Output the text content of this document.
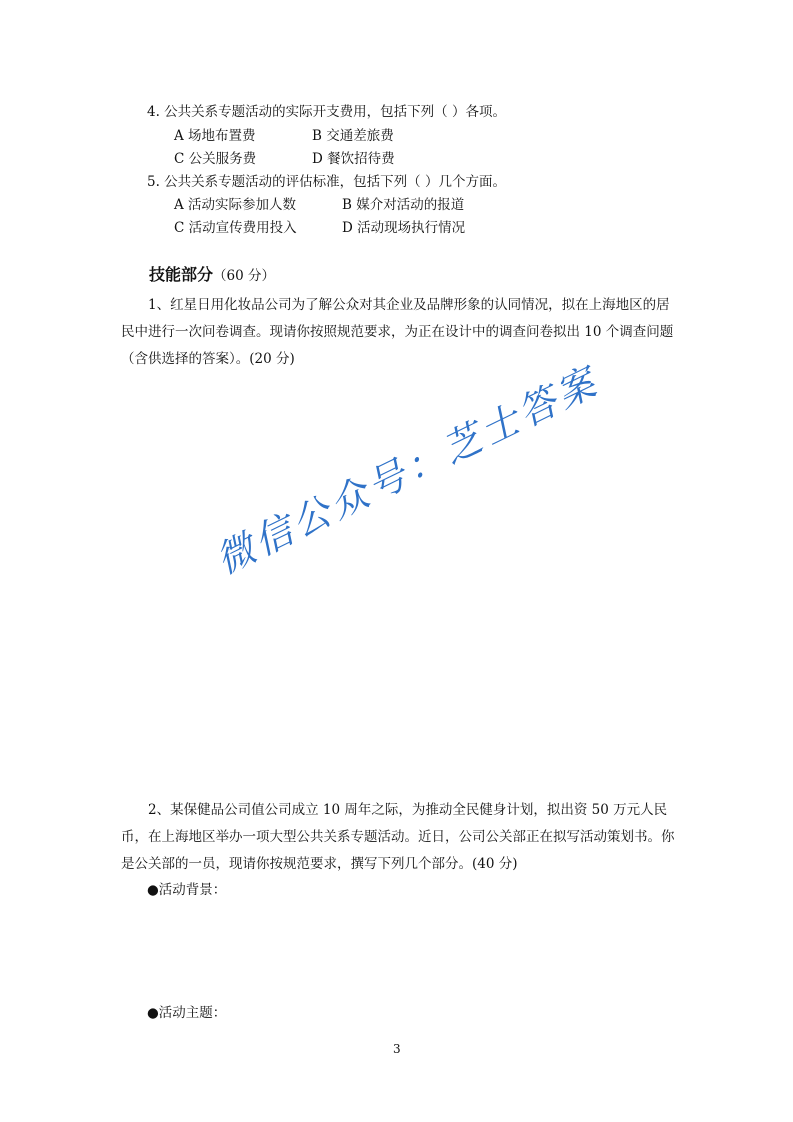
4. 公共关系专题活动的实际开支费用，包括下列（ ）各项。
A 场地布置费	B 交通差旅费
C 公关服务费	D 餐饮招待费
5. 公共关系专题活动的评估标准，包括下列（ ）几个方面。
A 活动实际参加人数	B 媒介对活动的报道
C 活动宣传费用投入	D 活动现场执行情况
技能部分（60 分）
1、红星日用化妆品公司为了解公众对其企业及品牌形象的认同情况，拟在上海地区的居民中进行一次问卷调查。现请你按照规范要求，为正在设计中的调查问卷拟出 10 个调查问题（含供选择的答案）。(20 分)
微信公众号：芝士答案
2、某保健品公司值公司成立 10 周年之际，为推动全民健身计划，拟出资 50 万元人民币，在上海地区举办一项大型公共关系专题活动。近日，公司公关部正在拟写活动策划书。你是公关部的一员，现请你按规范要求，撰写下列几个部分。(40 分)
●活动背景：
●活动主题：
3
